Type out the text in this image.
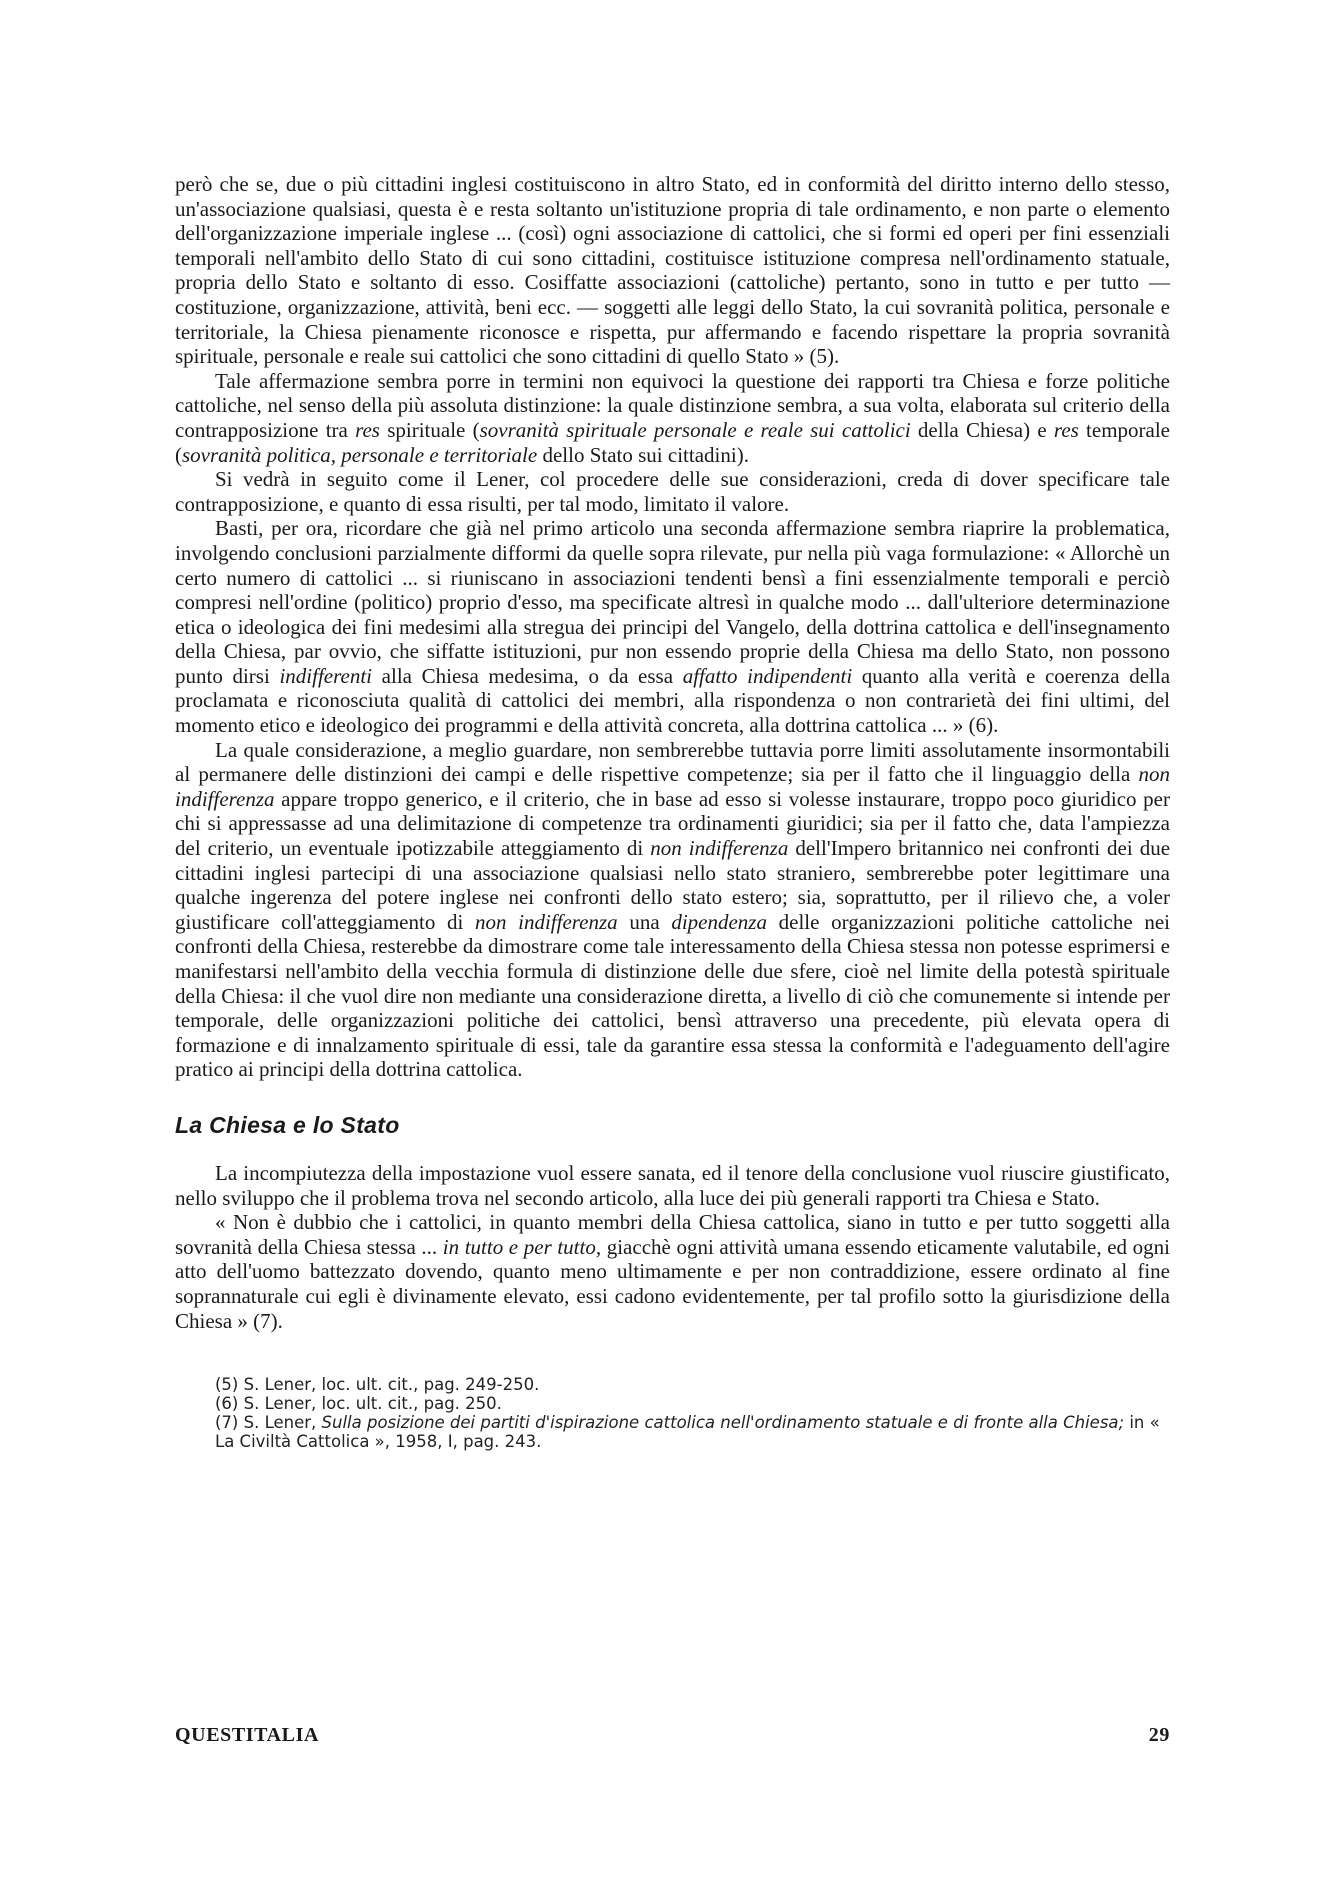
però che se, due o più cittadini inglesi costituiscono in altro Stato, ed in conformità del diritto interno dello stesso, un'associazione qualsiasi, questa è e resta soltanto un'istituzione propria di tale ordinamento, e non parte o elemento dell'organizzazione imperiale inglese ... (così) ogni associazione di cattolici, che si formi ed operi per fini essenziali temporali nell'ambito dello Stato di cui sono cittadini, costituisce istituzione compresa nell'ordinamento statuale, propria dello Stato e soltanto di esso. Cosiffatte associazioni (cattoliche) pertanto, sono in tutto e per tutto — costituzione, organizzazione, attività, beni ecc. — soggetti alle leggi dello Stato, la cui sovranità politica, personale e territoriale, la Chiesa pienamente riconosce e rispetta, pur affermando e facendo rispettare la propria sovranità spirituale, personale e reale sui cattolici che sono cittadini di quello Stato » (5).

Tale affermazione sembra porre in termini non equivoci la questione dei rapporti tra Chiesa e forze politiche cattoliche, nel senso della più assoluta distinzione: la quale distinzione sembra, a sua volta, elaborata sul criterio della contrapposizione tra res spirituale (sovranità spirituale personale e reale sui cattolici della Chiesa) e res temporale (sovranità politica, personale e territoriale dello Stato sui cittadini).

Si vedrà in seguito come il Lener, col procedere delle sue considerazioni, creda di dover specificare tale contrapposizione, e quanto di essa risulti, per tal modo, limitato il valore.

Basti, per ora, ricordare che già nel primo articolo una seconda affermazione sembra riaprire la problematica, involgendo conclusioni parzialmente difformi da quelle sopra rilevate, pur nella più vaga formulazione: « Allorchè un certo numero di cattolici ... si riuniscano in associazioni tendenti bensì a fini essenzialmente temporali e perciò compresi nell'ordine (politico) proprio d'esso, ma specificate altresì in qualche modo ... dall'ulteriore determinazione etica o ideologica dei fini medesimi alla stregua dei principi del Vangelo, della dottrina cattolica e dell'insegnamento della Chiesa, par ovvio, che siffatte istituzioni, pur non essendo proprie della Chiesa ma dello Stato, non possono punto dirsi indifferenti alla Chiesa medesima, o da essa affatto indipendenti quanto alla verità e coerenza della proclamata e riconosciuta qualità di cattolici dei membri, alla rispondenza o non contrarietà dei fini ultimi, del momento etico e ideologico dei programmi e della attività concreta, alla dottrina cattolica ... » (6).

La quale considerazione, a meglio guardare, non sembrerebbe tuttavia porre limiti assolutamente insormontabili al permanere delle distinzioni dei campi e delle rispettive competenze; sia per il fatto che il linguaggio della non indifferenza appare troppo generico, e il criterio, che in base ad esso si volesse instaurare, troppo poco giuridico per chi si appressasse ad una delimitazione di competenze tra ordinamenti giuridici; sia per il fatto che, data l'ampiezza del criterio, un eventuale ipotizzabile atteggiamento di non indifferenza dell'Impero britannico nei confronti dei due cittadini inglesi partecipi di una associazione qualsiasi nello stato straniero, sembrerebbe poter legittimare una qualche ingerenza del potere inglese nei confronti dello stato estero; sia, soprattutto, per il rilievo che, a voler giustificare coll'atteggiamento di non indifferenza una dipendenza delle organizzazioni politiche cattoliche nei confronti della Chiesa, resterebbe da dimostrare come tale interessamento della Chiesa stessa non potesse esprimersi e manifestarsi nell'ambito della vecchia formula di distinzione delle due sfere, cioè nel limite della potestà spirituale della Chiesa: il che vuol dire non mediante una considerazione diretta, a livello di ciò che comunemente si intende per temporale, delle organizzazioni politiche dei cattolici, bensì attraverso una precedente, più elevata opera di formazione e di innalzamento spirituale di essi, tale da garantire essa stessa la conformità e l'adeguamento dell'agire pratico ai principi della dottrina cattolica.

La Chiesa e lo Stato

La incompiutezza della impostazione vuol essere sanata, ed il tenore della conclusione vuol riuscire giustificato, nello sviluppo che il problema trova nel secondo articolo, alla luce dei più generali rapporti tra Chiesa e Stato.

« Non è dubbio che i cattolici, in quanto membri della Chiesa cattolica, siano in tutto e per tutto soggetti alla sovranità della Chiesa stessa ... in tutto e per tutto, giacchè ogni attività umana essendo eticamente valutabile, ed ogni atto dell'uomo battezzato dovendo, quanto meno ultimamente e per non contraddizione, essere ordinato al fine soprannaturale cui egli è divinamente elevato, essi cadono evidentemente, per tal profilo sotto la giurisdizione della Chiesa » (7).

(5) S. Lener, loc. ult. cit., pag. 249-250.

(6) S. Lener, loc. ult. cit., pag. 250.

(7) S. Lener, Sulla posizione dei partiti d'ispirazione cattolica nell'ordinamento statuale e di fronte alla Chiesa; in « La Civiltà Cattolica », 1958, I, pag. 243.

QUESTITALIA	29
